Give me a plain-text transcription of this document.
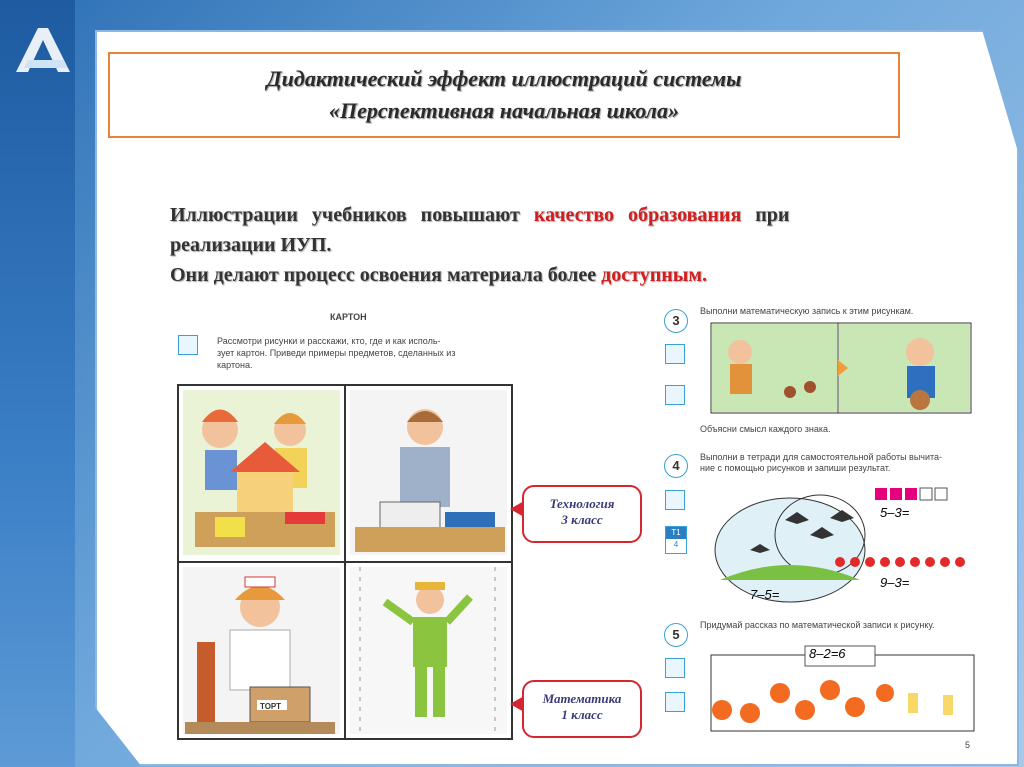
Дидактический эффект иллюстраций системы
«Перспективная начальная школа»
Иллюстрации учебников повышают качество образования при
реализации ИУП.
Они делают процесс освоения материала более доступным.
КАРТОН
Рассмотри рисунки и расскажи, кто, где и как исполь-
зует картон. Приведи примеры предметов, сделанных из
картона.
ТОРТ
Технология
3 класс
Математика
1 класс
3
Выполни математическую запись к этим рисункам.
Объясни смысл каждого знака.
4
Выполни в тетради для самостоятельной работы вычита-
ние с помощью рисунков и запиши результат.
Т1
4
5–3=
9–3=
7–5=
5
Придумай рассказ по математической записи к рисунку.
8–2=6
5
